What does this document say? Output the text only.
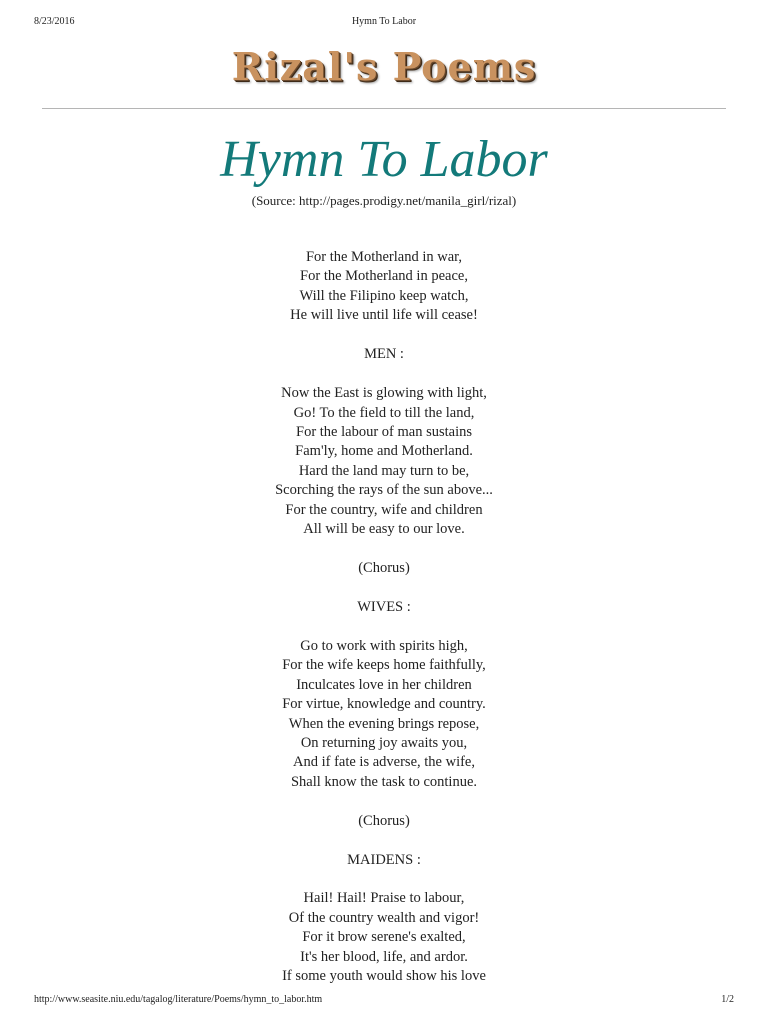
8/23/2016	Hymn To Labor
Rizal's Poems
Hymn To Labor
(Source: http://pages.prodigy.net/manila_girl/rizal)
For the Motherland in war,
For the Motherland in peace,
Will the Filipino keep watch,
He will live until life will cease!
MEN :
Now the East is glowing with light,
Go! To the field to till the land,
For the labour of man sustains
Fam'ly, home and Motherland.
Hard the land may turn to be,
Scorching the rays of the sun above...
For the country, wife and children
All will be easy to our love.
(Chorus)
WIVES :
Go to work with spirits high,
For the wife keeps home faithfully,
Inculcates love in her children
For virtue, knowledge and country.
When the evening brings repose,
On returning joy awaits you,
And if fate is adverse, the wife,
Shall know the task to continue.
(Chorus)
MAIDENS :
Hail! Hail! Praise to labour,
Of the country wealth and vigor!
For it brow serene's exalted,
It's her blood, life, and ardor.
If some youth would show his love
http://www.seasite.niu.edu/tagalog/literature/Poems/hymn_to_labor.htm	1/2
